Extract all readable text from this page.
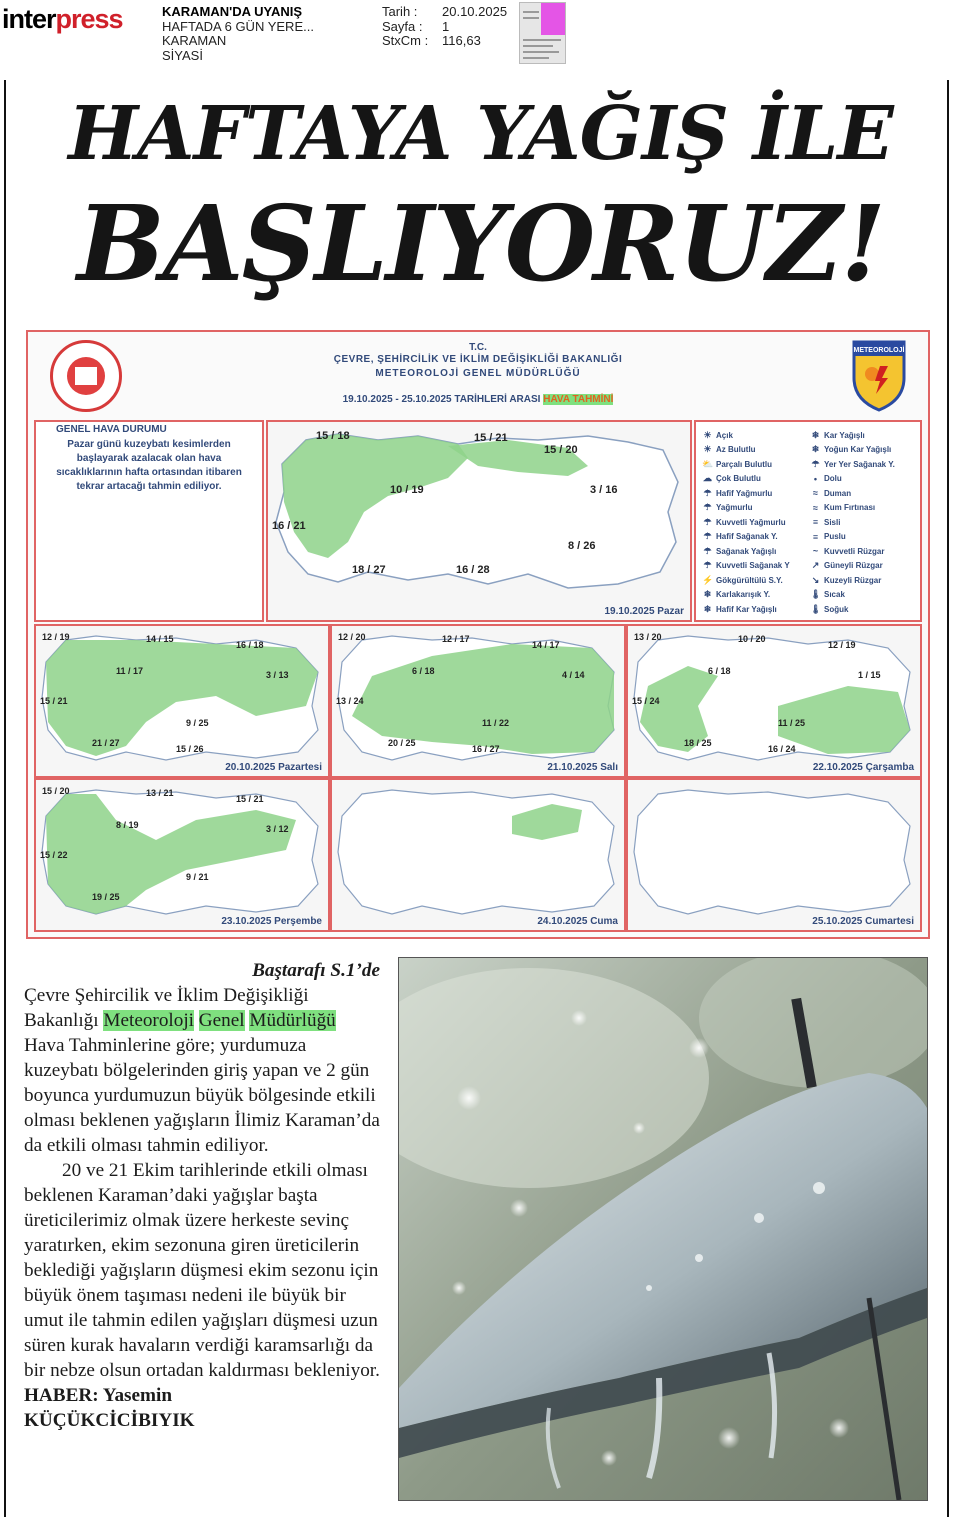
interpress	KARAMAN'DA UYANIŞ
HAFTADA 6 GÜN YERE...
KARAMAN
SİYASİ
Tarih :	20.10.2025
Sayfa :	1
StxCm :	116,63
HAFTAYA YAĞIŞ İLE
BAŞLIYORUZ!
T.C.
ÇEVRE, ŞEHİRCİLİK VE İKLİM DEĞİŞİKLİĞİ BAKANLIĞI
METEOROLOJİ GENEL MÜDÜRLÜĞÜ
19.10.2025 - 25.10.2025 TARİHLERİ ARASI HAVA TAHMİNİ
METEOROLOJİ
GENEL HAVA DURUMU
Pazar günü kuzeybatı kesimlerden başlayarak azalacak olan hava sıcaklıklarının hafta ortasından itibaren tekrar artacağı tahmin ediliyor.
15 / 18	15 / 21
15 / 20
10 / 19	3 / 16
16 / 21
8 / 26
18 / 27	16 / 28
19.10.2025 Pazar
☀ Açık
☀ Az Bulutlu
⛅ Parçalı Bulutlu
☁ Çok Bulutlu
☂ Hafif Yağmurlu
☂ Yağmurlu
☂ Kuvvetli Yağmurlu
☂ Hafif Sağanak Y.
☂ Sağanak Yağışlı
☂ Kuvvetli Sağanak Y
⚡ Gökgürültülü S.Y.
❄ Karlakarışık Y.
❄ Hafif Kar Yağışlı
❄ Kar Yağışlı
❄ Yoğun Kar Yağışlı
☂ Yer Yer Sağanak Y.
• Dolu
≈ Duman
≈ Kum Fırtınası
≡ Sisli
≡ Puslu
~ Kuvvetli Rüzgar
↗ Güneyli Rüzgar
↘ Kuzeyli Rüzgar
🌡 Sıcak
🌡 Soğuk
12 / 19	14 / 15
16 / 18
11 / 17	3 / 13
15 / 21
9 / 25
21 / 27
15 / 26
20.10.2025 Pazartesi
12 / 20	12 / 17
14 / 17
6 / 18	4 / 14
13 / 24
11 / 22
20 / 25
16 / 27
21.10.2025 Salı
13 / 20	10 / 20
12 / 19
6 / 18	1 / 15
15 / 24
11 / 25
18 / 25
16 / 24
22.10.2025 Çarşamba
15 / 20	13 / 21
15 / 21
8 / 19	3 / 12
15 / 22
9 / 21
19 / 25
23.10.2025 Perşembe	24.10.2025 Cuma	25.10.2025 Cumartesi

Baştarafı S.1’de

Çevre Şehircilik ve İklim Değişikliği Bakanlığı Meteoroloji Genel Müdürlüğü Hava Tahminlerine göre; yurdumuza kuzeybatı bölgelerinden giriş yapan ve 2 gün boyunca yurdumuzun büyük bölgesinde etkili olması beklenen yağışların İlimiz Karaman’da da etkili olması tahmin ediliyor.

20 ve 21 Ekim tarihlerinde etkili olması beklenen Karaman’daki yağışlar başta üreticilerimiz olmak üzere herkeste sevinç yaratırken, ekim sezonuna giren üreticilerin beklediği yağışların düşmesi ekim sezonu için büyük önem taşıması nedeni ile büyük bir umut ile tahmin edilen yağışları düşmesi uzun süren kurak havaların verdiği karamsarlığı da bir nebze olsun ortadan kaldırması bekleniyor.

HABER: Yasemin

KÜÇÜKCİCİBIYIK
